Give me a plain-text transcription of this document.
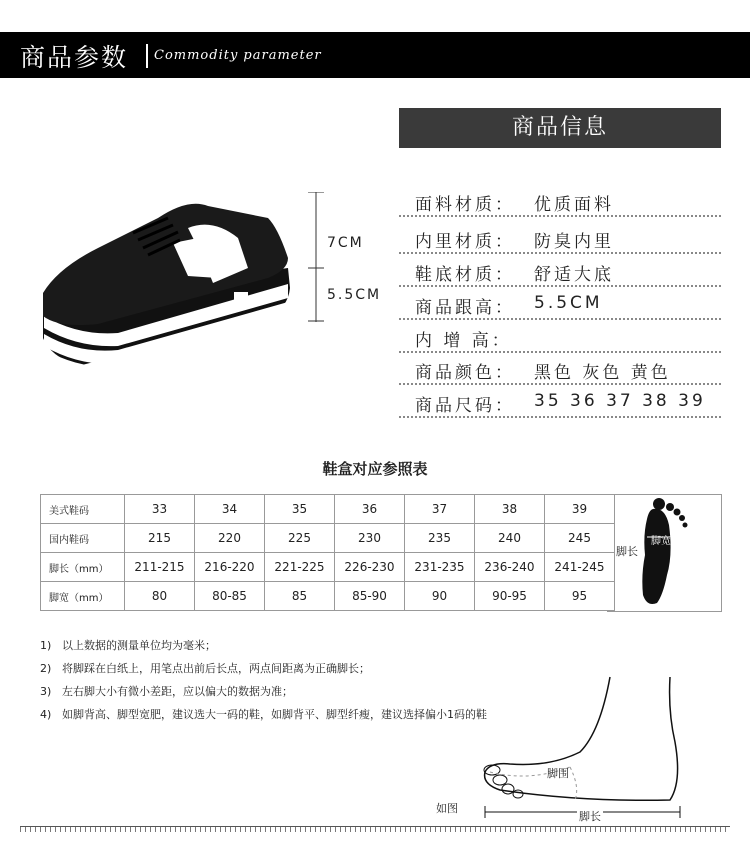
商品参数 Commodity parameter
7CM
5.5CM
商品信息
面料材质： 优质面料
内里材质： 防臭内里
鞋底材质： 舒适大底
商品跟高： 5.5CM
内 增 高：
商品颜色： 黑色 灰色 黄色
商品尺码： 35 36 37 38 39
鞋盒对应参照表
美式鞋码	33	34	35	36	37	38	39
国内鞋码	215	220	225	230	235	240	245
脚长（mm）	211-215	216-220	221-225	226-230	231-235	236-240	241-245
脚宽（mm）	80	80-85	85	85-90	90	90-95	95
脚宽
脚长
1) 以上数据的测量单位均为毫米；
2) 将脚踩在白纸上，用笔点出前后长点，两点间距离为正确脚长；
3) 左右脚大小有微小差距，应以偏大的数据为准；
4) 如脚背高、脚型宽肥，建议选大一码的鞋，如脚背平、脚型纤瘦，建议选择偏小1码的鞋
脚围
脚长
如图
